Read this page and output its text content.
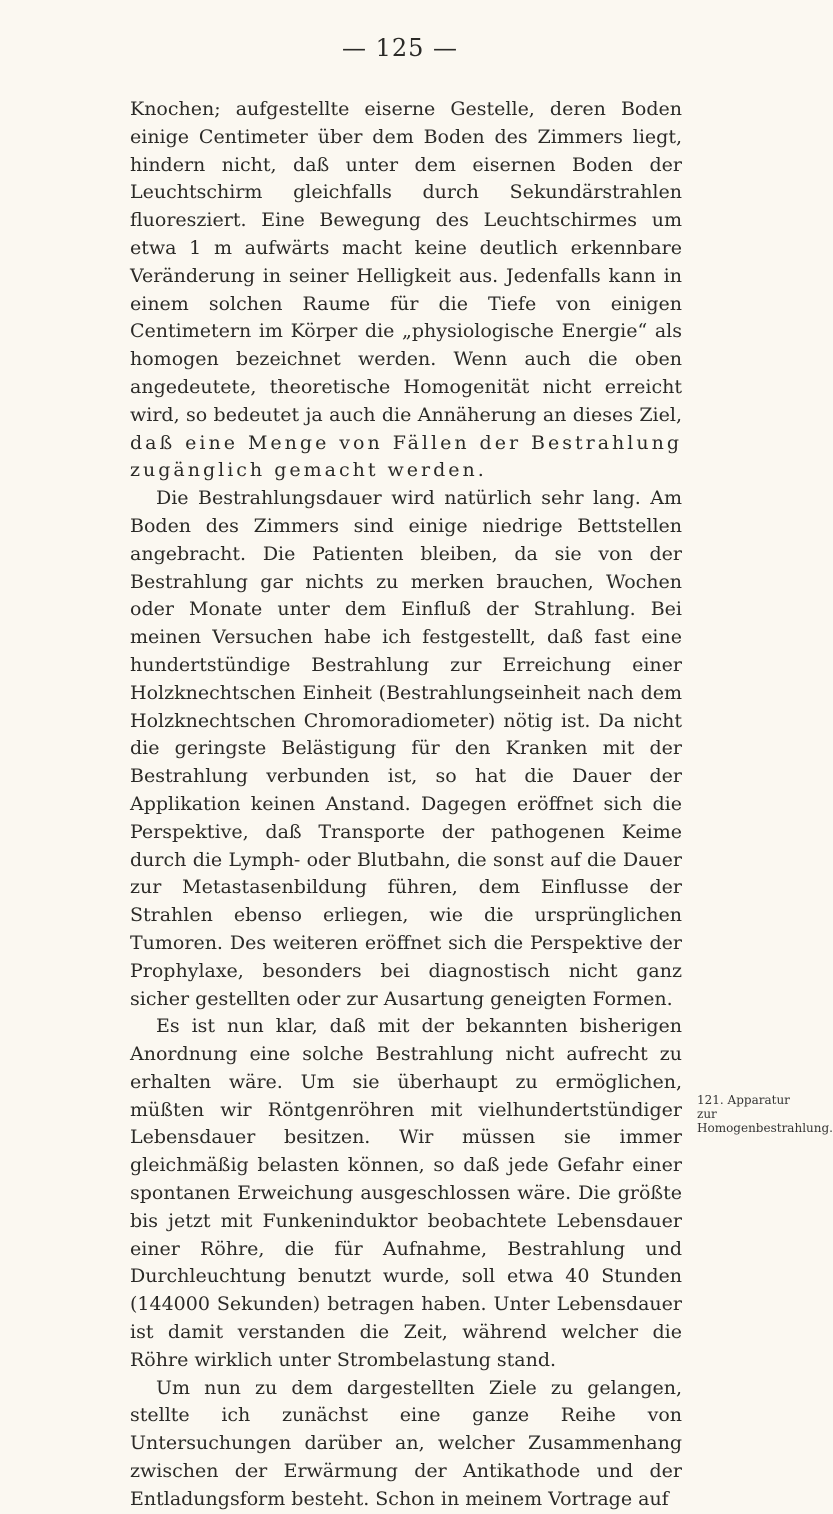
— 125 —

Knochen; aufgestellte eiserne Gestelle, deren Boden einige Centimeter über dem Boden des Zimmers liegt, hindern nicht, daß unter dem eisernen Boden der Leuchtschirm gleichfalls durch Sekundärstrahlen fluoresziert. Eine Bewegung des Leuchtschirmes um etwa 1 m aufwärts macht keine deutlich erkennbare Veränderung in seiner Helligkeit aus. Jedenfalls kann in einem solchen Raume für die Tiefe von einigen Centimetern im Körper die „physiologische Energie“ als homogen bezeichnet werden. Wenn auch die oben angedeutete, theoretische Homogenität nicht erreicht wird, so bedeutet ja auch die Annäherung an dieses Ziel, daß eine Menge von Fällen der Bestrahlung zugänglich gemacht werden.

Die Bestrahlungsdauer wird natürlich sehr lang. Am Boden des Zimmers sind einige niedrige Bettstellen angebracht. Die Patienten bleiben, da sie von der Bestrahlung gar nichts zu merken brauchen, Wochen oder Monate unter dem Einfluß der Strahlung. Bei meinen Versuchen habe ich festgestellt, daß fast eine hundertstündige Bestrahlung zur Erreichung einer Holzknechtschen Einheit (Bestrahlungseinheit nach dem Holzknechtschen Chromoradiometer) nötig ist. Da nicht die geringste Belästigung für den Kranken mit der Bestrahlung verbunden ist, so hat die Dauer der Applikation keinen Anstand. Dagegen eröffnet sich die Perspektive, daß Transporte der pathogenen Keime durch die Lymph- oder Blutbahn, die sonst auf die Dauer zur Metastasenbildung führen, dem Einflusse der Strahlen ebenso erliegen, wie die ursprünglichen Tumoren. Des weiteren eröffnet sich die Perspektive der Prophylaxe, besonders bei diagnostisch nicht ganz sicher gestellten oder zur Ausartung geneigten Formen.

Es ist nun klar, daß mit der bekannten bisherigen Anordnung eine solche Bestrahlung nicht aufrecht zu erhalten wäre. Um sie überhaupt zu ermöglichen, müßten wir Röntgenröhren mit vielhundertstündiger Lebensdauer besitzen. Wir müssen sie immer gleichmäßig belasten können, so daß jede Gefahr einer spontanen Erweichung ausgeschlossen wäre. Die größte bis jetzt mit Funkeninduktor beobachtete Lebensdauer einer Röhre, die für Aufnahme, Bestrahlung und Durchleuchtung benutzt wurde, soll etwa 40 Stunden (144000 Sekunden) betragen haben. Unter Lebensdauer ist damit verstanden die Zeit, während welcher die Röhre wirklich unter Strombelastung stand.

Um nun zu dem dargestellten Ziele zu gelangen, stellte ich zunächst eine ganze Reihe von Untersuchungen darüber an, welcher Zusammenhang zwischen der Erwärmung der Antikathode und der Entladungsform besteht. Schon in meinem Vortrage auf

121. Apparatur zur Homogenbestrahlung.
